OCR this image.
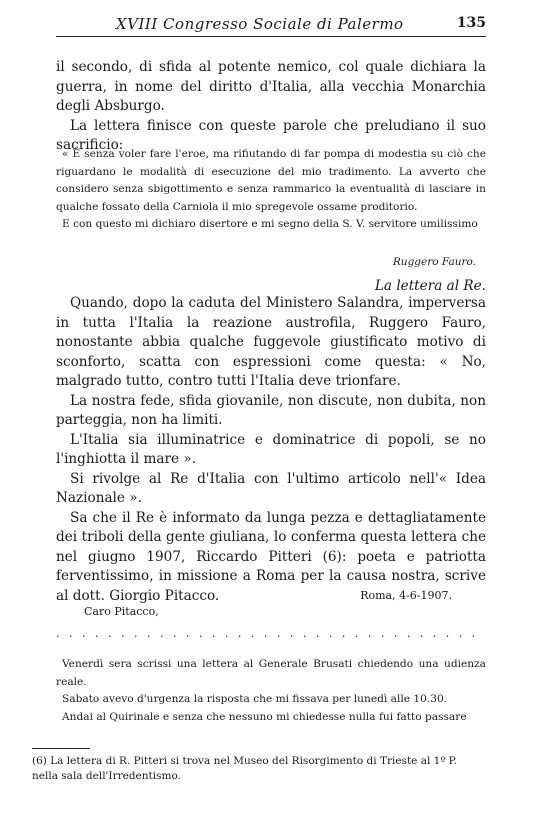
XVIII Congresso Sociale di Palermo	135

il secondo, di sfida al potente nemico, col quale dichiara la guerra, in nome del diritto d'Italia, alla vecchia Monarchia degli Absburgo.

La lettera finisce con queste parole che preludiano il suo sacrificio:

« È senza voler fare l'eroe, ma rifiutando di far pompa di modestia su ciò che riguardano le modalità di esecuzione del mio tradimento. La avverto che considero senza sbigottimento e senza rammarico la eventualità di lasciare in qualche fossato della Carniola il mio spregevole ossame proditorio.

E con questo mi dichiaro disertore e mi segno della S. V. servitore umilissimo

Ruggero Fauro.
La lettera al Re.

Quando, dopo la caduta del Ministero Salandra, imperversa in tutta l'Italia la reazione austrofila, Ruggero Fauro, nonostante abbia qualche fuggevole giustificato motivo di sconforto, scatta con espressioni come questa: « No, malgrado tutto, contro tutti l'Italia deve trionfare.

La nostra fede, sfida giovanile, non discute, non dubita, non parteggia, non ha limiti.

L'Italia sia illuminatrice e dominatrice di popoli, se no l'inghiotta il mare ».

Si rivolge al Re d'Italia con l'ultimo articolo nell'« Idea Nazionale ».

Sa che il Re è informato da lunga pezza e dettagliatamente dei triboli della gente giuliana, lo conferma questa lettera che nel giugno 1907, Riccardo Pitteri (6): poeta e patriotta ferventissimo, in missione a Roma per la causa nostra, scrive al dott. Giorgio Pitacco.	Roma, 4-6-1907.
Caro Pitacco,
. . . . . . . . . . . . . . . . . . . . . . . . . . . . . . . . .

Venerdì sera scrissi una lettera al Generale Brusati chiedendo una udienza reale.

Sabato avevo d'urgenza la risposta che mi fissava per lunedì alle 10.30.

Andai al Quirinale e senza che nessuno mi chiedesse nulla fui fatto passare

(6) La lettera di R. Pitteri si trova nel Museo del Risorgimento di Trieste al 1º P. nella sala dell'Irredentismo.
